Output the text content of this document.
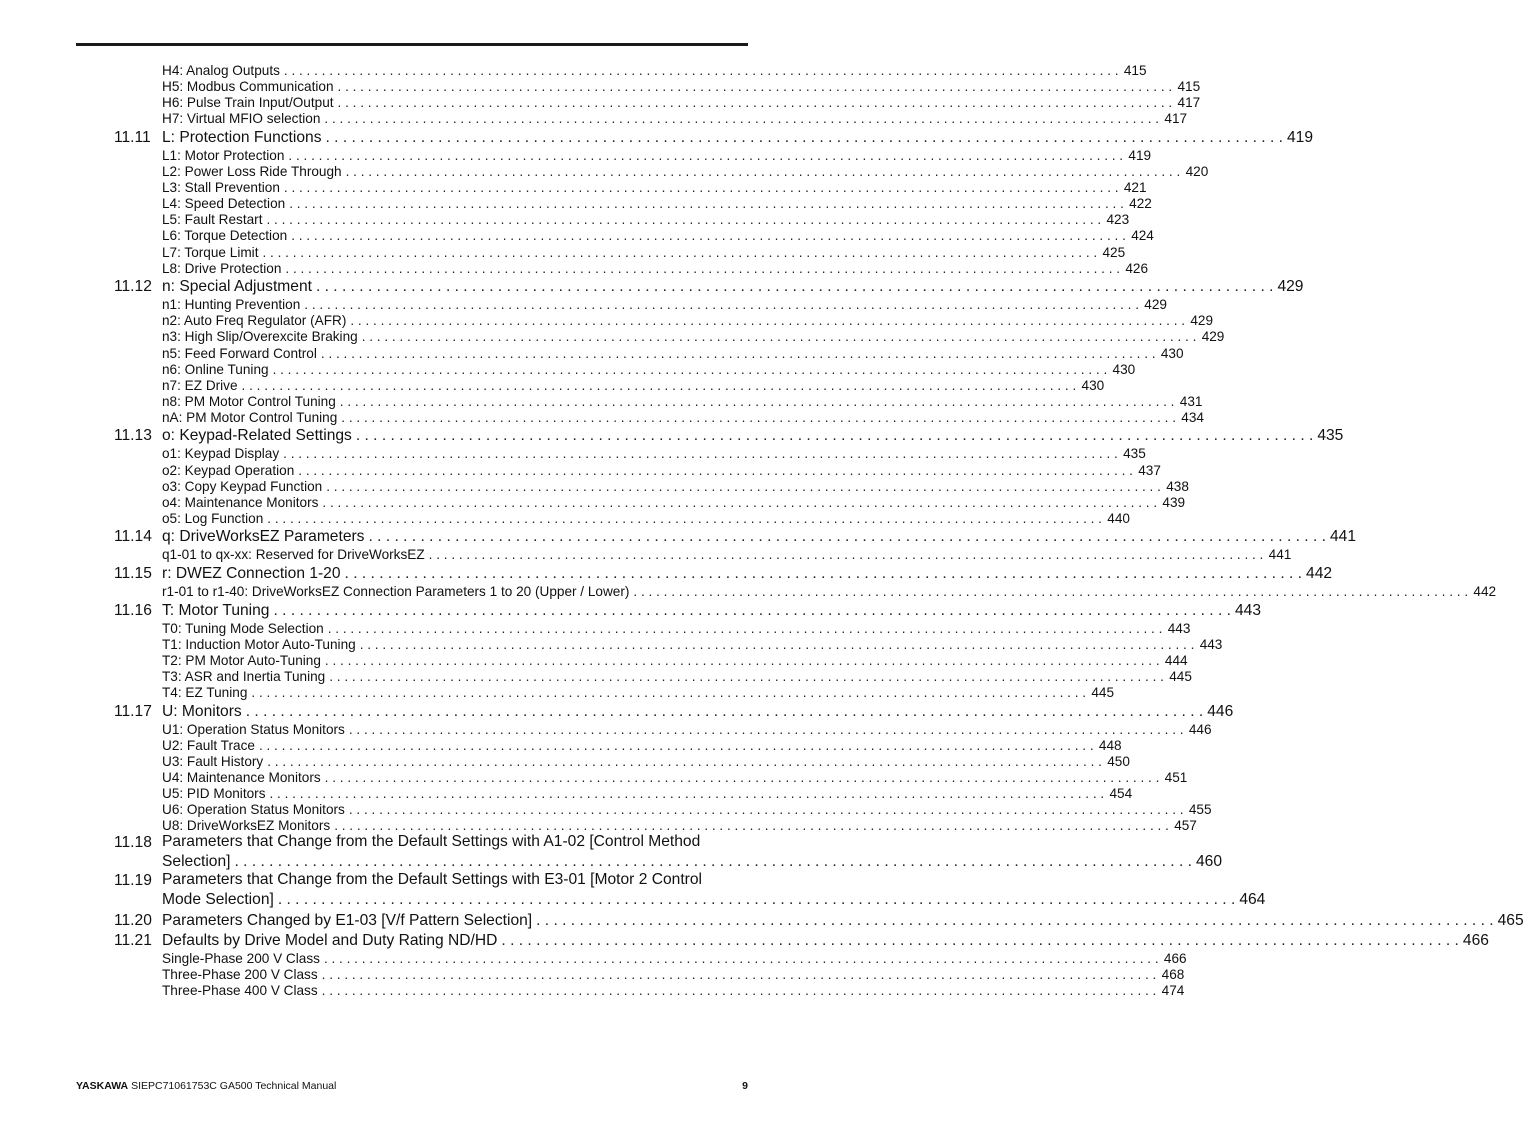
H4: Analog Outputs . . .	415
H5: Modbus Communication . . .	415
H6: Pulse Train Input/Output . . .	417
H7: Virtual MFIO selection . . .	417
11.11 L: Protection Functions . . .	419
L1: Motor Protection . . .	419
L2: Power Loss Ride Through . . .	420
L3: Stall Prevention . . .	421
L4: Speed Detection . . .	422
L5: Fault Restart . . .	423
L6: Torque Detection . . .	424
L7: Torque Limit . . .	425
L8: Drive Protection . . .	426
11.12 n: Special Adjustment . . .	429
n1: Hunting Prevention . . .	429
n2: Auto Freq Regulator (AFR) . . .	429
n3: High Slip/Overexcite Braking . . .	429
n5: Feed Forward Control . . .	430
n6: Online Tuning . . .	430
n7: EZ Drive . . .	430
n8: PM Motor Control Tuning . . .	431
nA: PM Motor Control Tuning . . .	434
11.13 o: Keypad-Related Settings . . .	435
o1: Keypad Display . . .	435
o2: Keypad Operation . . .	437
o3: Copy Keypad Function . . .	438
o4: Maintenance Monitors . . .	439
o5: Log Function . . .	440
11.14 q: DriveWorksEZ Parameters . . .	441
q1-01 to qx-xx: Reserved for DriveWorksEZ . . .	441
11.15 r: DWEZ Connection 1-20 . . .	442
r1-01 to r1-40: DriveWorksEZ Connection Parameters 1 to 20 (Upper / Lower) . . .	442
11.16 T: Motor Tuning . . .	443
T0: Tuning Mode Selection . . .	443
T1: Induction Motor Auto-Tuning . . .	443
T2: PM Motor Auto-Tuning . . .	444
T3: ASR and Inertia Tuning . . .	445
T4: EZ Tuning . . .	445
11.17 U: Monitors . . .	446
U1: Operation Status Monitors . . .	446
U2: Fault Trace . . .	448
U3: Fault History . . .	450
U4: Maintenance Monitors . . .	451
U5: PID Monitors . . .	454
U6: Operation Status Monitors . . .	455
U8: DriveWorksEZ Monitors . . .	457
11.18 Parameters that Change from the Default Settings with A1-02 [Control Method
Selection] . . .	460
11.19 Parameters that Change from the Default Settings with E3-01 [Motor 2 Control
Mode Selection] . . .	464
11.20 Parameters Changed by E1-03 [V/f Pattern Selection] . . .	465
11.21 Defaults by Drive Model and Duty Rating ND/HD . . .	466
Single-Phase 200 V Class . . .	466
Three-Phase 200 V Class . . .	468
Three-Phase 400 V Class . . .	474
YASKAWA SIEPC71061753C GA500 Technical Manual	9
